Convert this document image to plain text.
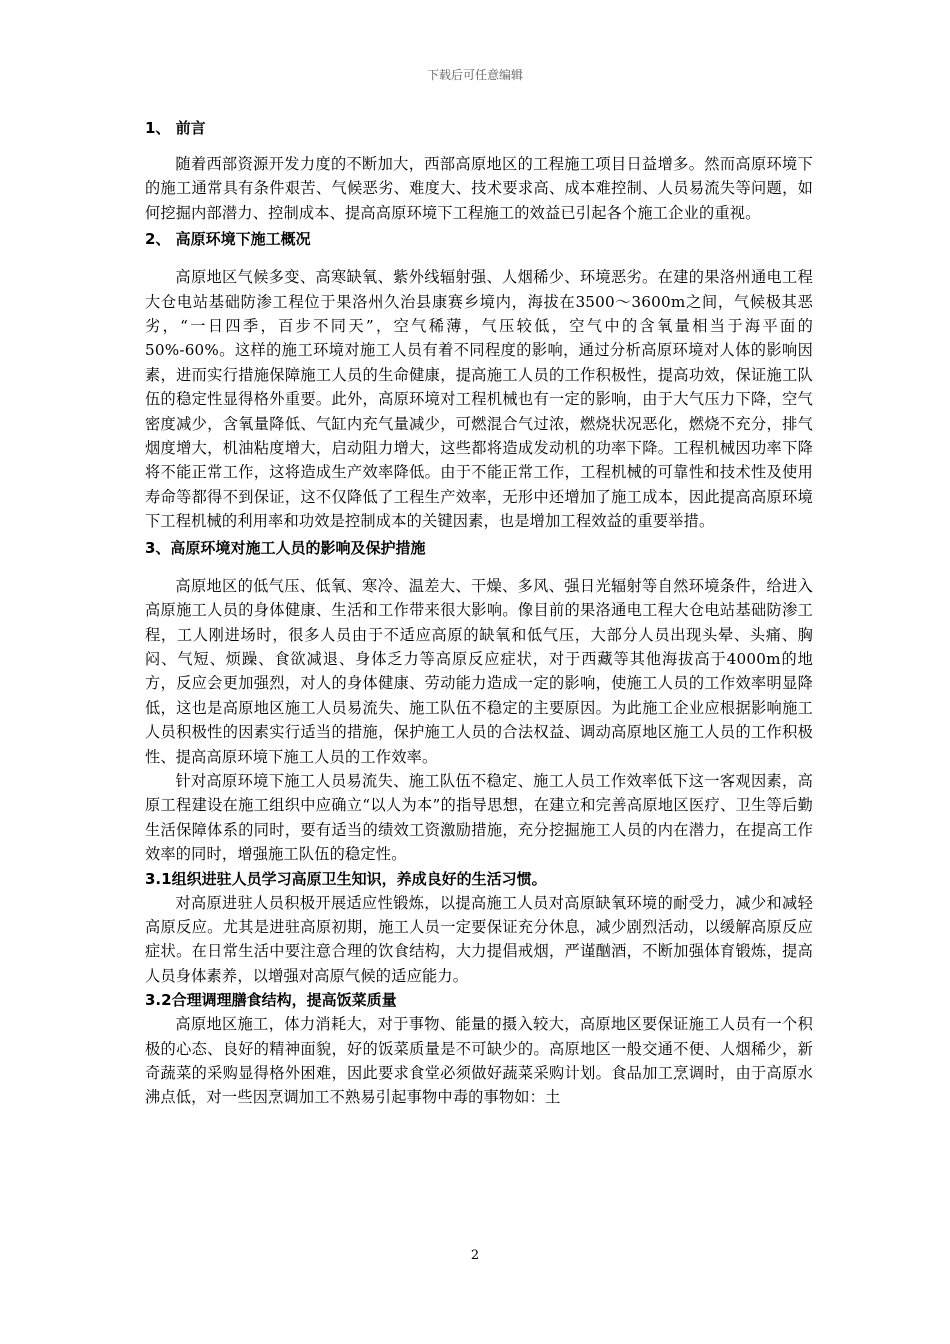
下载后可任意编辑

1、 前言

随着西部资源开发力度的不断加大，西部高原地区的工程施工项目日益增多。然而高原环境下的施工通常具有条件艰苦、气候恶劣、难度大、技术要求高、成本难控制、人员易流失等问题，如何挖掘内部潜力、控制成本、提高高原环境下工程施工的效益已引起各个施工企业的重视。

2、 高原环境下施工概况

高原地区气候多变、高寒缺氧、紫外线辐射强、人烟稀少、环境恶劣。在建的果洛州通电工程大仓电站基础防渗工程位于果洛州久治县康赛乡境内，海拔在3500～3600m之间，气候极其恶劣，“一日四季，百步不同天”，空气稀薄，气压较低，空气中的含氧量相当于海平面的50%-60%。这样的施工环境对施工人员有着不同程度的影响，通过分析高原环境对人体的影响因素，进而实行措施保障施工人员的生命健康，提高施工人员的工作积极性，提高功效，保证施工队伍的稳定性显得格外重要。此外，高原环境对工程机械也有一定的影响，由于大气压力下降，空气密度减少，含氧量降低、气缸内充气量减少，可燃混合气过浓，燃烧状况恶化，燃烧不充分，排气烟度增大，机油粘度增大，启动阻力增大，这些都将造成发动机的功率下降。工程机械因功率下降将不能正常工作，这将造成生产效率降低。由于不能正常工作，工程机械的可靠性和技术性及使用寿命等都得不到保证，这不仅降低了工程生产效率，无形中还增加了施工成本，因此提高高原环境下工程机械的利用率和功效是控制成本的关键因素，也是增加工程效益的重要举措。

3、高原环境对施工人员的影响及保护措施

高原地区的低气压、低氧、寒冷、温差大、干燥、多风、强日光辐射等自然环境条件，给进入高原施工人员的身体健康、生活和工作带来很大影响。像目前的果洛通电工程大仓电站基础防渗工程，工人刚进场时，很多人员由于不适应高原的缺氧和低气压，大部分人员出现头晕、头痛、胸闷、气短、烦躁、食欲减退、身体乏力等高原反应症状，对于西藏等其他海拔高于4000m的地方，反应会更加强烈，对人的身体健康、劳动能力造成一定的影响，使施工人员的工作效率明显降低，这也是高原地区施工人员易流失、施工队伍不稳定的主要原因。为此施工企业应根据影响施工人员积极性的因素实行适当的措施，保护施工人员的合法权益、调动高原地区施工人员的工作积极性、提高高原环境下施工人员的工作效率。

针对高原环境下施工人员易流失、施工队伍不稳定、施工人员工作效率低下这一客观因素，高原工程建设在施工组织中应确立“以人为本”的指导思想，在建立和完善高原地区医疗、卫生等后勤生活保障体系的同时，要有适当的绩效工资激励措施，充分挖掘施工人员的内在潜力，在提高工作效率的同时，增强施工队伍的稳定性。

3.1组织进驻人员学习高原卫生知识，养成良好的生活习惯。

对高原进驻人员积极开展适应性锻炼，以提高施工人员对高原缺氧环境的耐受力，减少和减轻高原反应。尤其是进驻高原初期，施工人员一定要保证充分休息，减少剧烈活动，以缓解高原反应症状。在日常生活中要注意合理的饮食结构，大力提倡戒烟，严谨酗酒，不断加强体育锻炼，提高人员身体素养，以增强对高原气候的适应能力。

3.2合理调理膳食结构，提高饭菜质量

高原地区施工，体力消耗大，对于事物、能量的摄入较大，高原地区要保证施工人员有一个积极的心态、良好的精神面貌，好的饭菜质量是不可缺少的。高原地区一般交通不便、人烟稀少，新奇蔬菜的采购显得格外困难，因此要求食堂必须做好蔬菜采购计划。食品加工烹调时，由于高原水沸点低，对一些因烹调加工不熟易引起事物中毒的事物如：土

2
